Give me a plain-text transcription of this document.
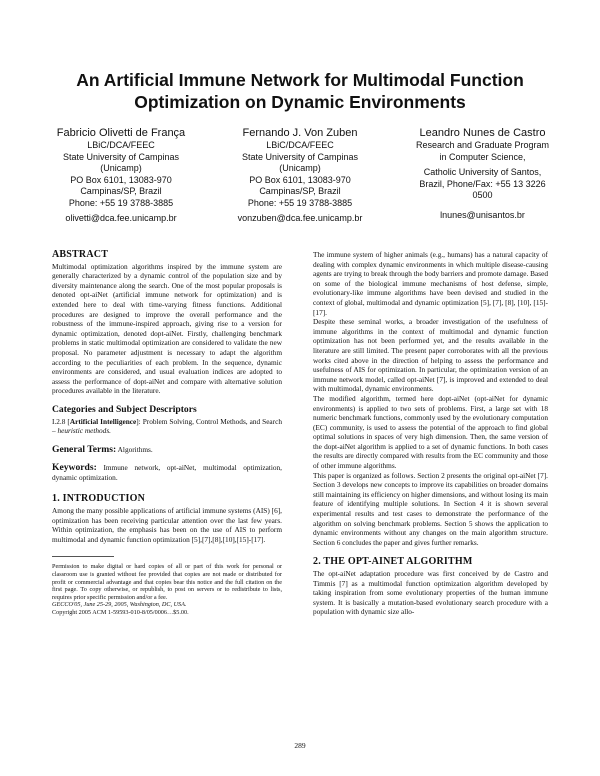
An Artificial Immune Network for Multimodal Function
Optimization on Dynamic Environments
Fabricio Olivetti de França
LBiC/DCA/FEEC
State University of Campinas
(Unicamp)
PO Box 6101, 13083-970
Campinas/SP, Brazil
Phone: +55 19 3788-3885
olivetti@dca.fee.unicamp.br
Fernando J. Von Zuben
LBiC/DCA/FEEC
State University of Campinas
(Unicamp)
PO Box 6101, 13083-970
Campinas/SP, Brazil
Phone: +55 19 3788-3885
vonzuben@dca.fee.unicamp.br
Leandro Nunes de Castro
Research and Graduate Program
in Computer Science,
Catholic University of Santos,
Brazil, Phone/Fax: +55 13 3226
0500
lnunes@unisantos.br
ABSTRACT

Multimodal optimization algorithms inspired by the immune system are generally characterized by a dynamic control of the population size and by diversity maintenance along the search. One of the most popular proposals is denoted opt-aiNet (artificial immune network for optimization) and is extended here to deal with time-varying fitness functions. Additional procedures are designed to improve the overall performance and the robustness of the immune-inspired approach, giving rise to a version for dynamic optimization, denoted dopt-aiNet. Firstly, challenging benchmark problems in static multimodal optimization are considered to validate the new proposal. No parameter adjustment is necessary to adapt the algorithm according to the peculiarities of each problem. In the sequence, dynamic environments are considered, and usual evaluation indices are adopted to assess the performance of dopt-aiNet and compare with alternative solution procedures available in the literature.

Categories and Subject Descriptors

I.2.8 [Artificial Intelligence]: Problem Solving, Control Methods, and Search – heuristic methods.

General Terms: Algorithms.

Keywords: Immune network, opt-aiNet, multimodal optimization, dynamic optimization.

1. INTRODUCTION

Among the many possible applications of artificial immune systems (AIS) [6], optimization has been receiving particular attention over the last few years. Within optimization, the emphasis has been on the use of AIS to perform multimodal and dynamic function optimization [5],[7],[8],[10],[15]-[17].

Permission to make digital or hard copies of all or part of this work for personal or classroom use is granted without fee provided that copies are not made or distributed for profit or commercial advantage and that copies bear this notice and the full citation on the first page. To copy otherwise, or republish, to post on servers or to redistribute to lists, requires prior specific permission and/or a fee.

GECCO'05, June 25-29, 2005, Washington, DC, USA.

Copyright 2005 ACM 1-59593-010-8/05/0006…$5.00.

The immune system of higher animals (e.g., humans) has a natural capacity of dealing with complex dynamic environments in which multiple disease-causing agents are trying to break through the body barriers and promote damage. Based on some of the biological immune mechanisms of host defense, simple, evolutionary-like immune algorithms have been devised and studied in the context of global, multimodal and dynamic optimization [5], [7], [8], [10], [15]-[17].

Despite these seminal works, a broader investigation of the usefulness of immune algorithms in the context of multimodal and dynamic function optimization has not been performed yet, and the results available in the literature are still limited. The present paper corroborates with all the previous works cited above in the direction of helping to assess the performance and usefulness of AIS for optimization. In particular, the optimization version of an immune network model, called opt-aiNet [7], is improved and extended to deal with multimodal, dynamic environments.

The modified algorithm, termed here dopt-aiNet (opt-aiNet for dynamic environments) is applied to two sets of problems. First, a large set with 18 numeric benchmark functions, commonly used by the evolutionary computation (EC) community, is used to assess the potential of the approach to find global optimal solutions in spaces of very high dimension. Then, the same version of the dopt-aiNet algorithm is applied to a set of dynamic functions. In both cases the results are directly compared with results from the EC community and those of other immune algorithms.

This paper is organized as follows. Section 2 presents the original opt-aiNet [7]. Section 3 develops new concepts to improve its capabilities on broader domains still maintaining its efficiency on higher dimensions, and without losing its main feature of identifying multiple solutions. In Section 4 it is shown several experimental results and test cases to demonstrate the performance of the algorithm on solving benchmark problems. Section 5 shows the application to dynamic environments without any changes on the main algorithm structure. Section 6 concludes the paper and gives further remarks.

2. THE OPT-AINET ALGORITHM

The opt-aiNet adaptation procedure was first conceived by de Castro and Timmis [7] as a multimodal function optimization algorithm developed by taking inspiration from some evolutionary properties of the human immune system. It is basically a mutation-based evolutionary search procedure with a population with dynamic size allo-

289
